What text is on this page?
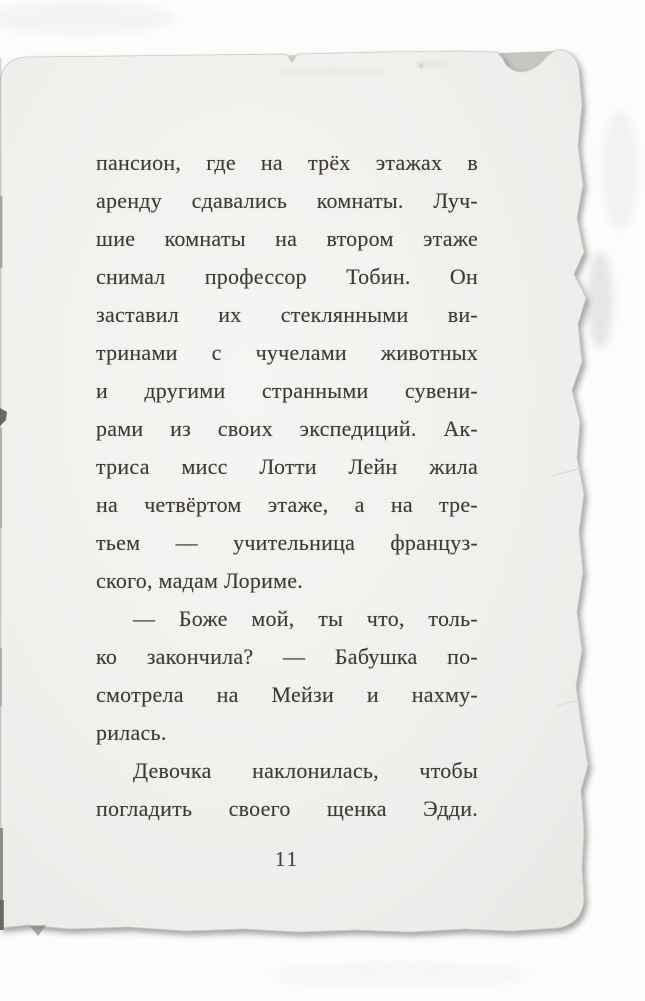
пансион, где на трёх этажах в

аренду сдавались комнаты. Луч-

шие комнаты на втором этаже

снимал профессор Тобин. Он

заставил их стеклянными ви-

тринами с чучелами животных

и другими странными сувени-

рами из своих экспедиций. Ак-

триса мисс Лотти Лейн жила

на четвёртом этаже, а на тре-

тьем — учительница француз-

ского, мадам Лориме.

— Боже мой, ты что, толь-

ко закончила? — Бабушка по-

смотрела на Мейзи и нахму-

рилась.

Девочка наклонилась, чтобы

погладить своего щенка Эдди.

11
